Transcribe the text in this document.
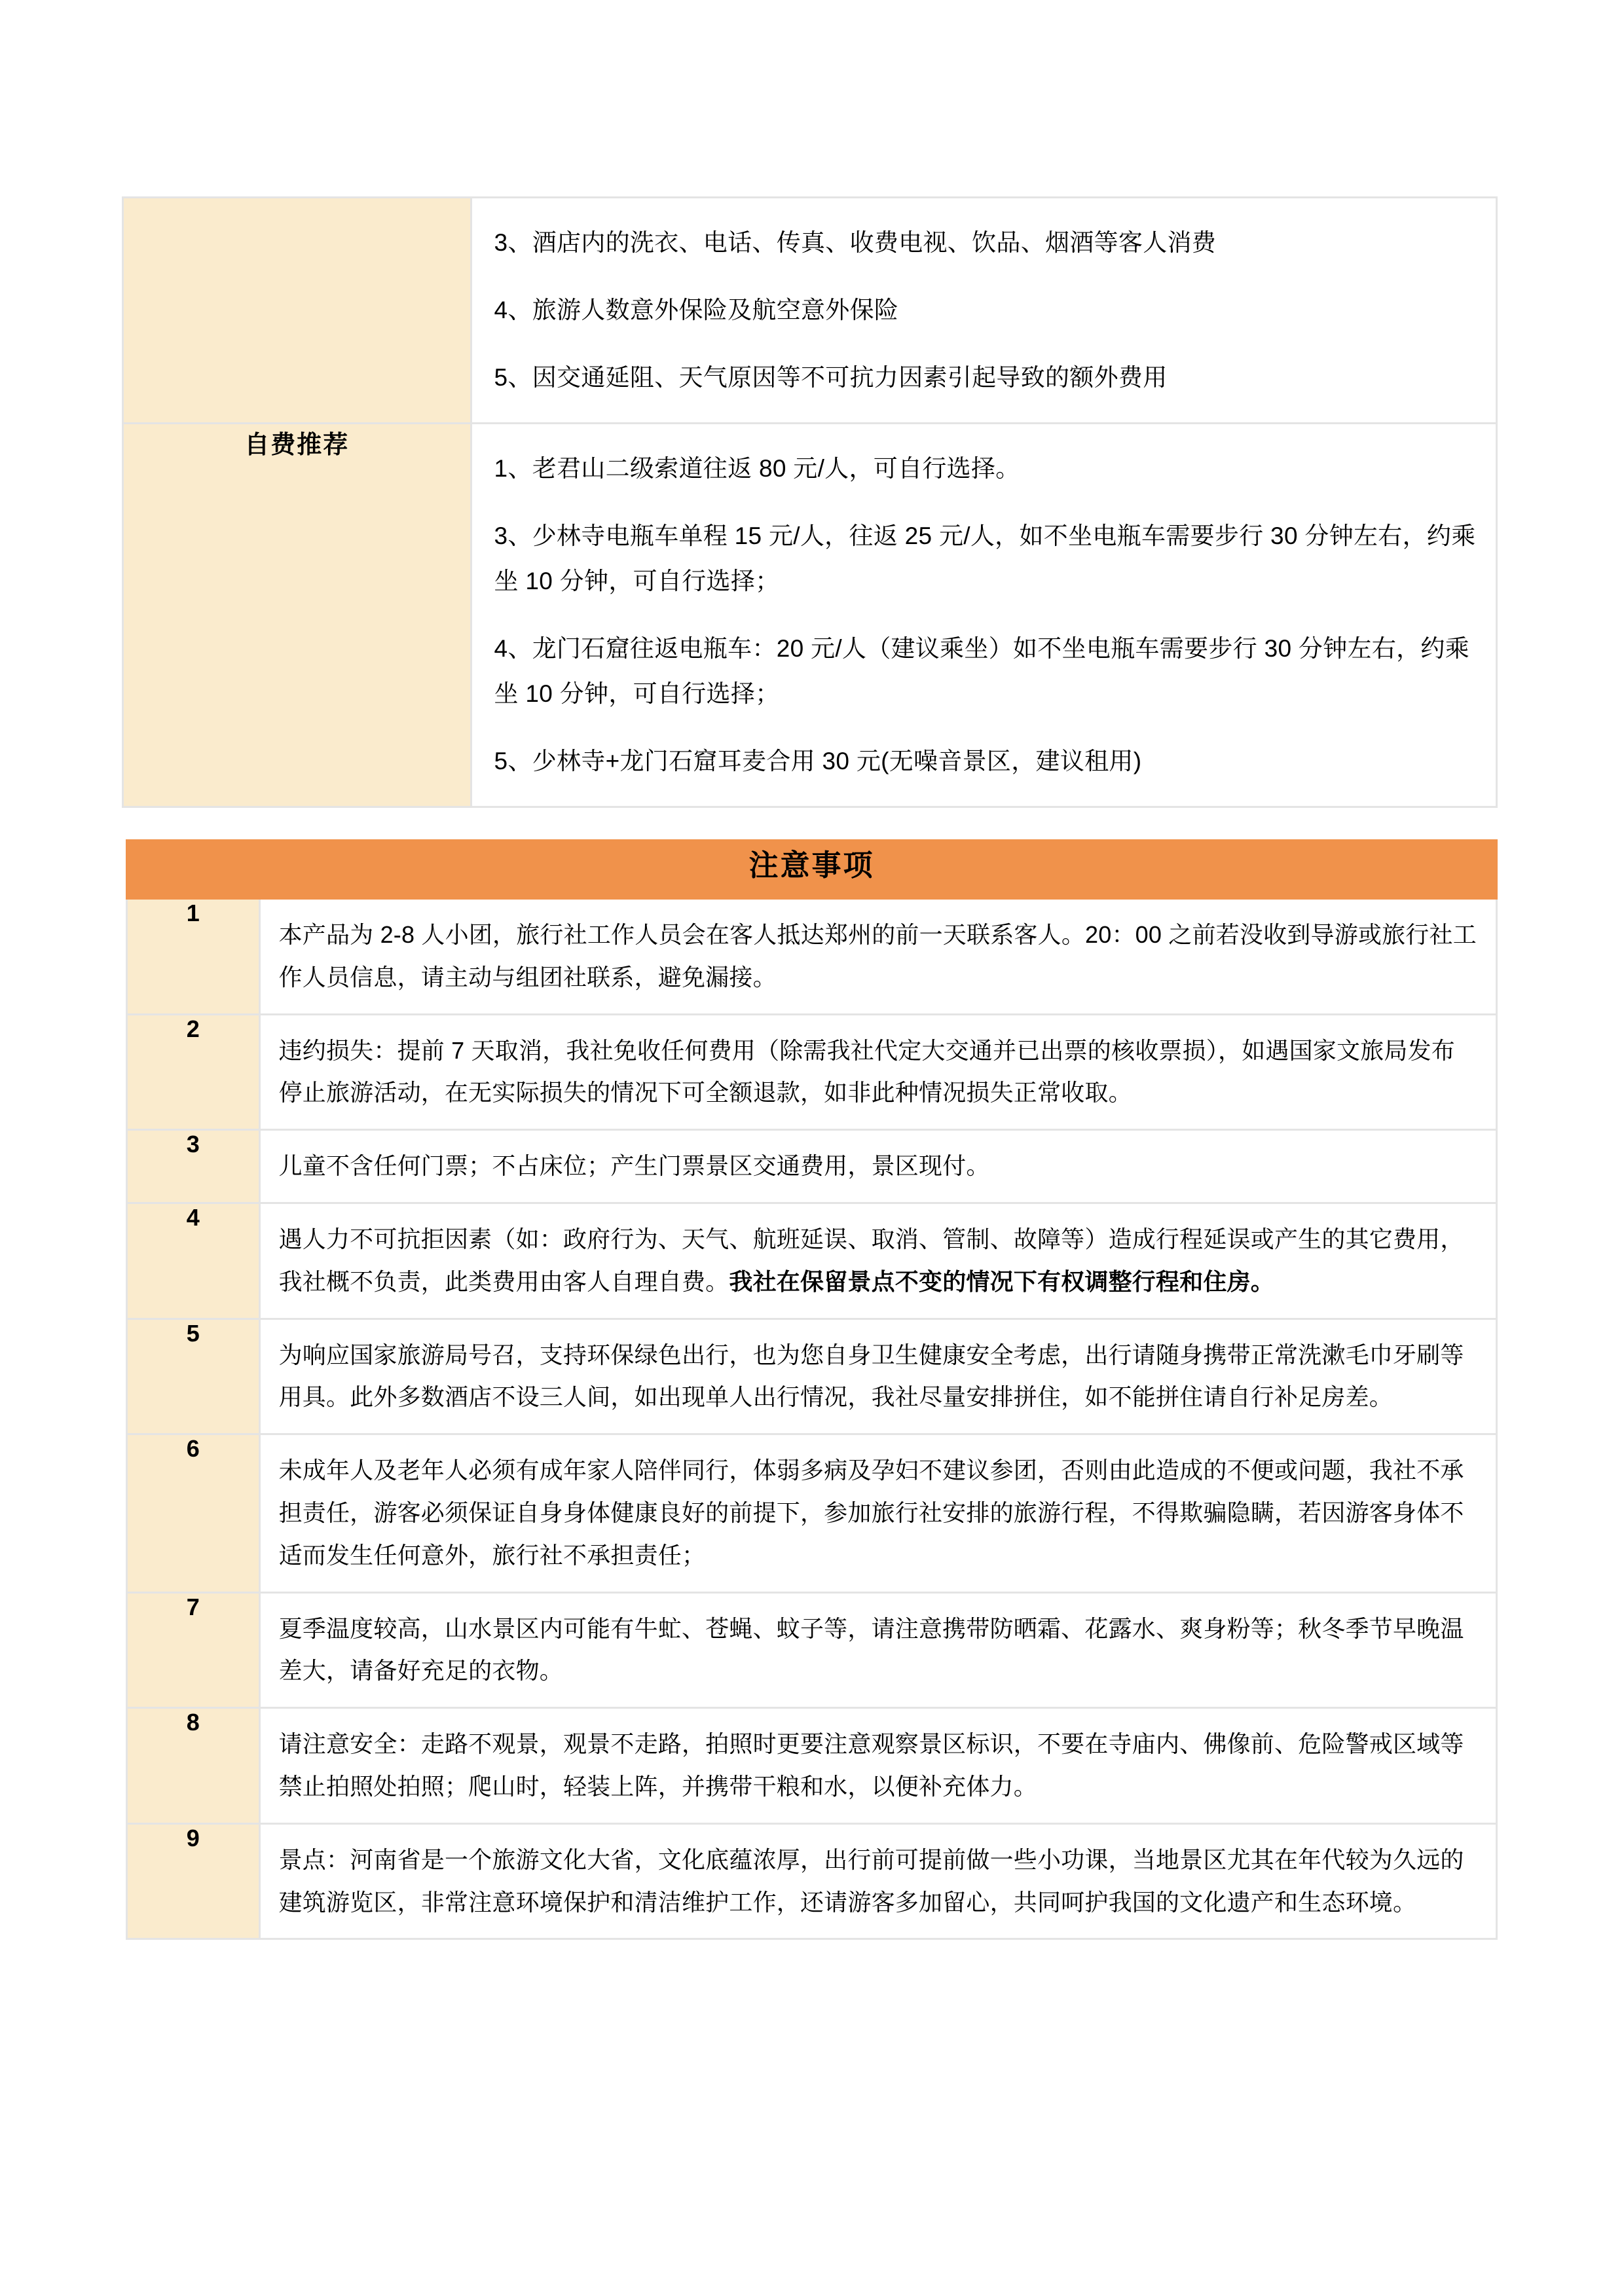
	3、酒店内的洗衣、电话、传真、收费电视、饮品、烟酒等客人消费

4、旅游人数意外保险及航空意外保险

5、因交通延阻、天气原因等不可抗力因素引起导致的额外费用

自费推荐	1、老君山二级索道往返 80 元/人，可自行选择。

3、少林寺电瓶车单程 15 元/人，往返 25 元/人，如不坐电瓶车需要步行 30 分钟左右，约乘坐 10 分钟，可自行选择；

4、龙门石窟往返电瓶车：20 元/人（建议乘坐）如不坐电瓶车需要步行 30 分钟左右，约乘坐 10 分钟，可自行选择；

5、少林寺+龙门石窟耳麦合用 30 元(无噪音景区，建议租用)

注意事项	
1	本产品为 2-8 人小团，旅行社工作人员会在客人抵达郑州的前一天联系客人。20：00 之前若没收到导游或旅行社工作人员信息，请主动与组团社联系，避免漏接。

2	违约损失：提前 7 天取消，我社免收任何费用（除需我社代定大交通并已出票的核收票损），如遇国家文旅局发布停止旅游活动，在无实际损失的情况下可全额退款，如非此种情况损失正常收取。

3	儿童不含任何门票；不占床位；产生门票景区交通费用，景区现付。

4	遇人力不可抗拒因素（如：政府行为、天气、航班延误、取消、管制、故障等）造成行程延误或产生的其它费用，我社概不负责，此类费用由客人自理自费。我社在保留景点不变的情况下有权调整行程和住房。

5	为响应国家旅游局号召，支持环保绿色出行，也为您自身卫生健康安全考虑，出行请随身携带正常洗漱毛巾牙刷等用具。此外多数酒店不设三人间，如出现单人出行情况，我社尽量安排拼住，如不能拼住请自行补足房差。

6	未成年人及老年人必须有成年家人陪伴同行，体弱多病及孕妇不建议参团，否则由此造成的不便或问题，我社不承担责任，游客必须保证自身身体健康良好的前提下，参加旅行社安排的旅游行程，不得欺骗隐瞒，若因游客身体不适而发生任何意外，旅行社不承担责任；

7	夏季温度较高，山水景区内可能有牛虻、苍蝇、蚊子等，请注意携带防晒霜、花露水、爽身粉等；秋冬季节早晚温差大，请备好充足的衣物。

8	请注意安全：走路不观景，观景不走路，拍照时更要注意观察景区标识，不要在寺庙内、佛像前、危险警戒区域等禁止拍照处拍照；爬山时，轻装上阵，并携带干粮和水，以便补充体力。

9	景点：河南省是一个旅游文化大省，文化底蕴浓厚，出行前可提前做一些小功课，当地景区尤其在年代较为久远的建筑游览区，非常注意环境保护和清洁维护工作，还请游客多加留心，共同呵护我国的文化遗产和生态环境。
